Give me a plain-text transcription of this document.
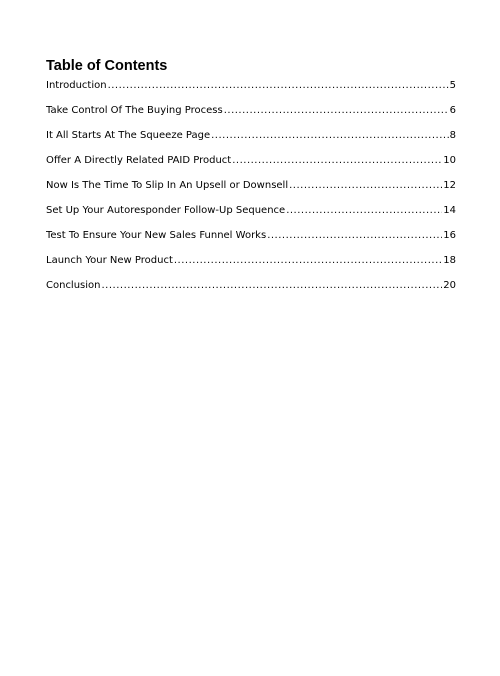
Table of Contents
Introduction .....	5
Take Control Of The Buying Process .....	6
It All Starts At The Squeeze Page .....	8
Offer A Directly Related PAID Product .....	10
Now Is The Time To Slip In An Upsell or Downsell .....	12
Set Up Your Autoresponder Follow-Up Sequence .....	14
Test To Ensure Your New Sales Funnel Works .....	16
Launch Your New Product .....	18
Conclusion .....	20
